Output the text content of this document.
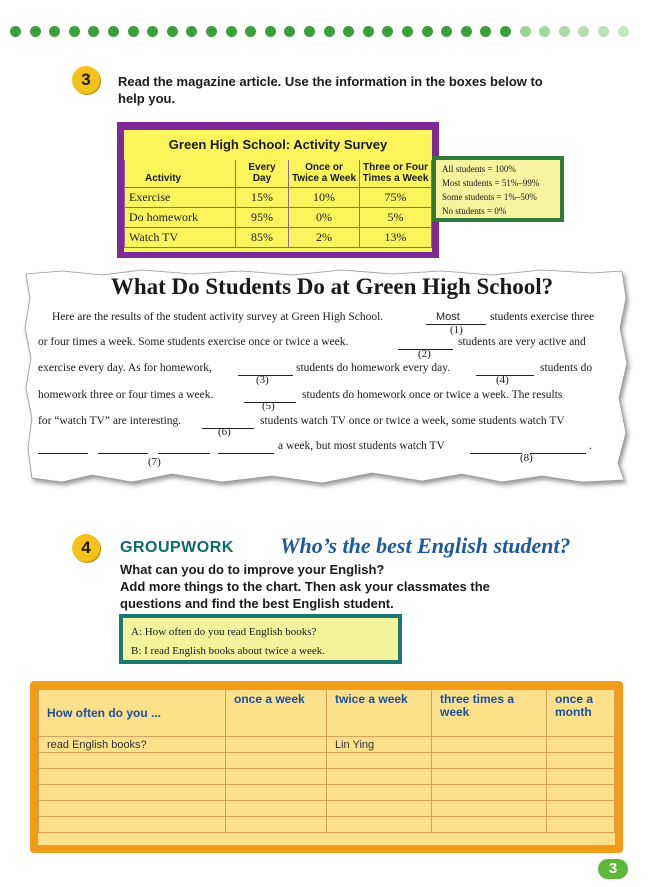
3	Read the magazine article. Use the information in the boxes below to
help you.
Green High School: Activity Survey
Activity	Every Day	Once or Twice a Week	Three or Four Times a Week
Exercise	15%	10%	75%
Do homework	95%	0%	5%
Watch TV	85%	2%	13%
All students = 100%
Most students = 51%–99%
Some students = 1%–50%
No students = 0%
What Do Students Do at Green High School?
Here are the results of the student activity survey at Green High School.	Most	students exercise three
(1)
or four times a week. Some students exercise once or twice a week.	students are very active and
(2)
exercise every day. As for homework,	students do homework every day.	students do
(3)	(4)
homework three or four times a week.	students do homework once or twice a week. The results
(5)
for “watch TV” are interesting.	students watch TV once or twice a week, some students watch TV
(6)
a week, but most students watch TV	.
(7)	(8)
4	GROUPWORK Who’s the best English student?
What can you do to improve your English?
Add more things to the chart. Then ask your classmates the
questions and find the best English student.
A: How often do you read English books?
B: I read English books about twice a week.
How often do you ...	once a week	twice a week	three times a week	once a month
read English books?		Lin Ying		

3
